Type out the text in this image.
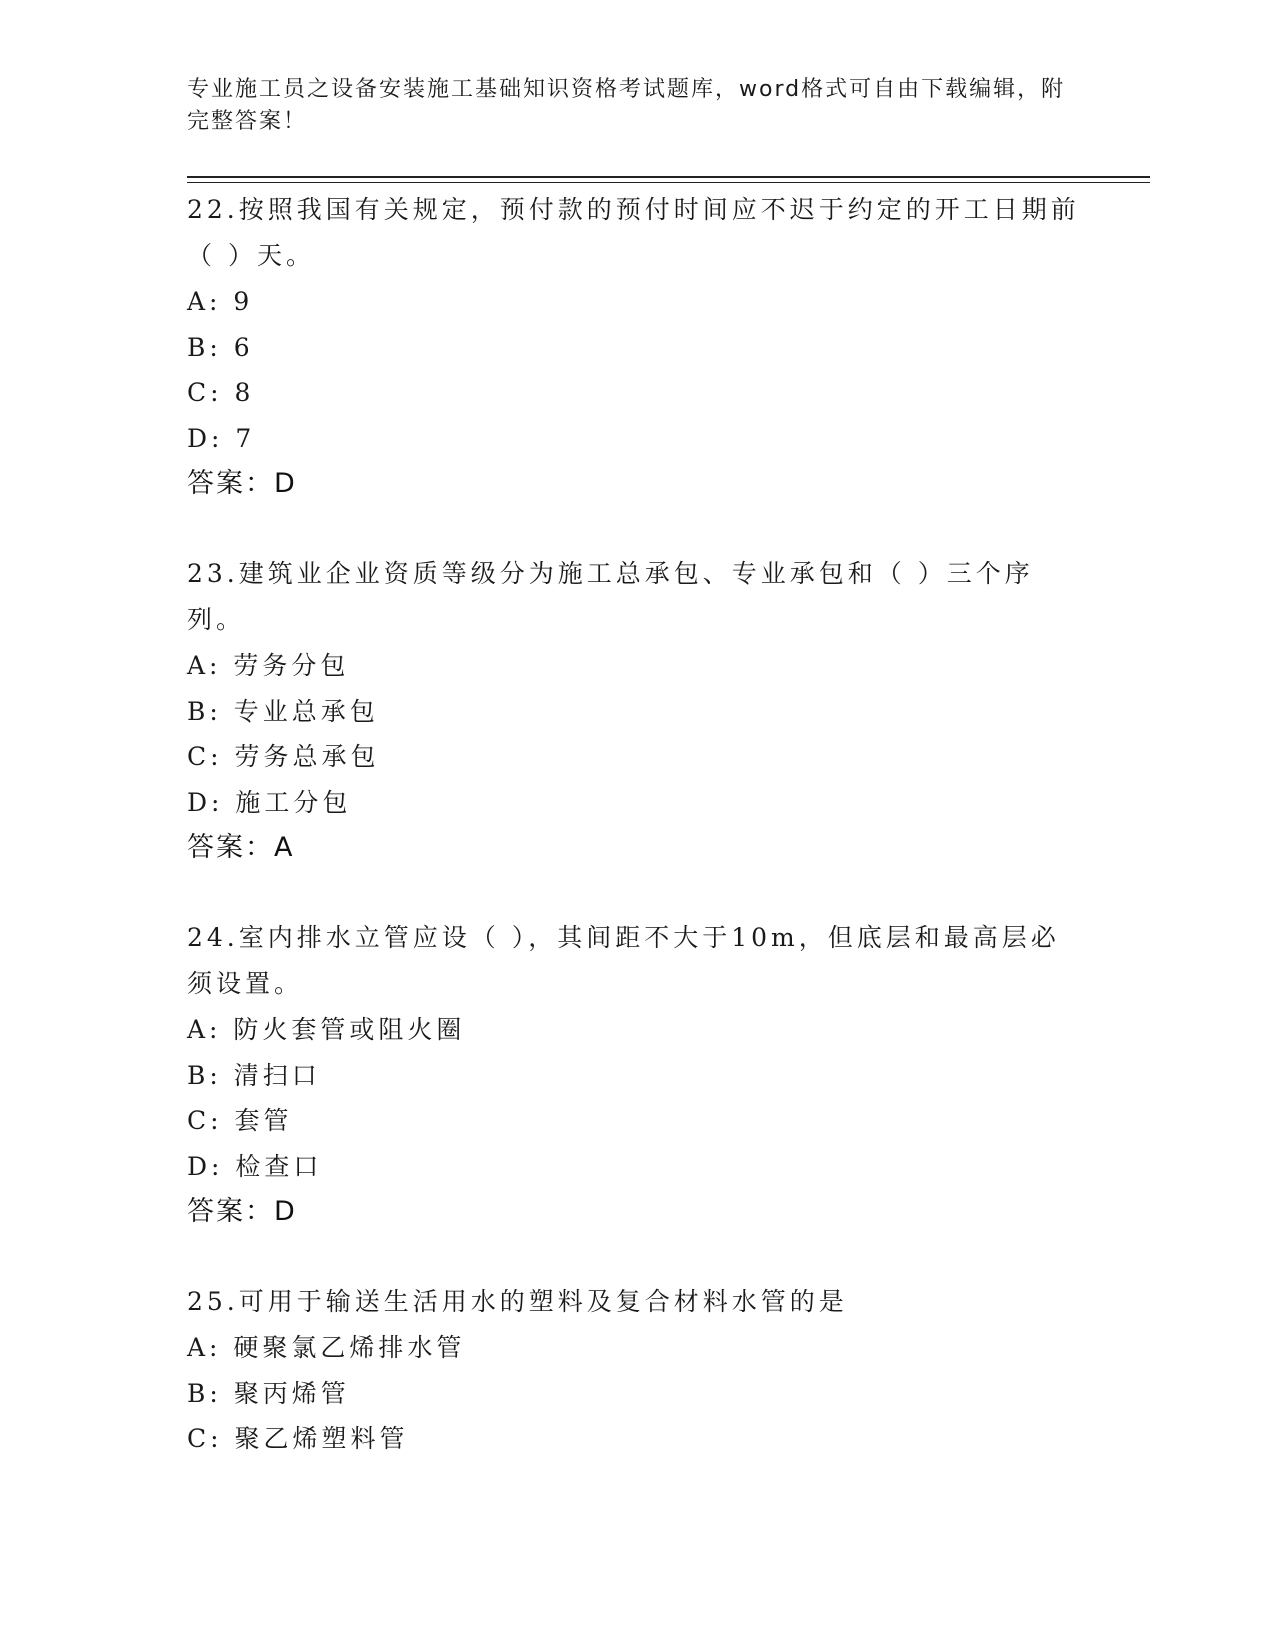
专业施工员之设备安装施工基础知识资格考试题库，word格式可自由下载编辑，附完整答案！
22.按照我国有关规定，预付款的预付时间应不迟于约定的开工日期前（ ）天。
A: 9
B: 6
C: 8
D: 7
答案：D
23.建筑业企业资质等级分为施工总承包、专业承包和（ ）三个序列。
A: 劳务分包
B: 专业总承包
C: 劳务总承包
D: 施工分包
答案：A
24.室内排水立管应设（ ），其间距不大于10m，但底层和最高层必须设置。
A: 防火套管或阻火圈
B: 清扫口
C: 套管
D: 检查口
答案：D
25.可用于输送生活用水的塑料及复合材料水管的是
A: 硬聚氯乙烯排水管
B: 聚丙烯管
C: 聚乙烯塑料管
